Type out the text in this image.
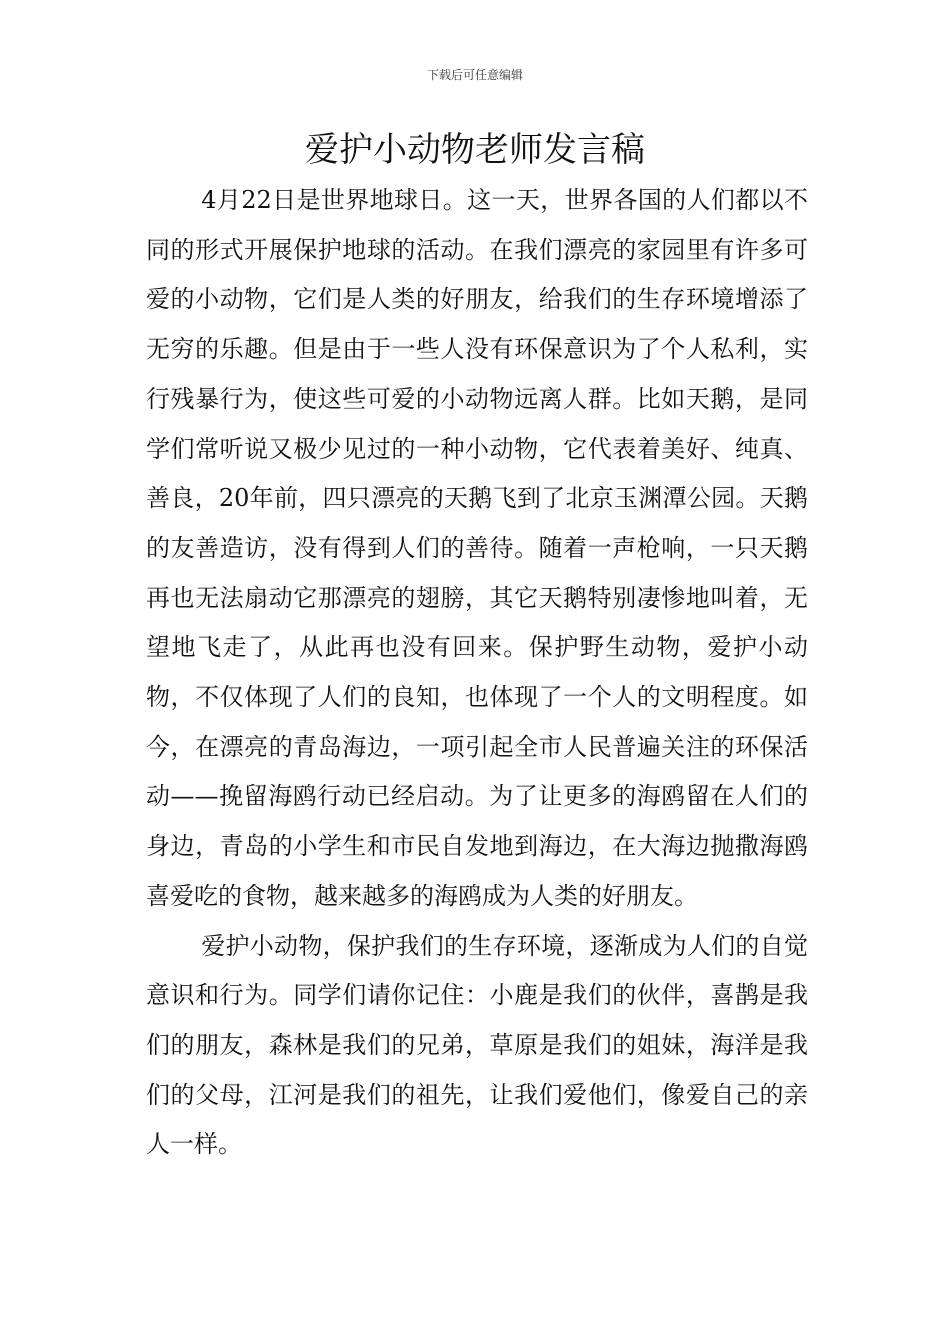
下载后可任意编辑
爱护小动物老师发言稿

4月22日是世界地球日。这一天，世界各国的人们都以不同的形式开展保护地球的活动。在我们漂亮的家园里有许多可爱的小动物，它们是人类的好朋友，给我们的生存环境增添了无穷的乐趣。但是由于一些人没有环保意识为了个人私利，实行残暴行为，使这些可爱的小动物远离人群。比如天鹅，是同学们常听说又极少见过的一种小动物，它代表着美好、纯真、善良，20年前，四只漂亮的天鹅飞到了北京玉渊潭公园。天鹅的友善造访，没有得到人们的善待。随着一声枪响，一只天鹅再也无法扇动它那漂亮的翅膀，其它天鹅特别凄惨地叫着，无望地飞走了，从此再也没有回来。保护野生动物，爱护小动物，不仅体现了人们的良知，也体现了一个人的文明程度。如今，在漂亮的青岛海边，一项引起全市人民普遍关注的环保活动——挽留海鸥行动已经启动。为了让更多的海鸥留在人们的身边，青岛的小学生和市民自发地到海边，在大海边抛撒海鸥喜爱吃的食物，越来越多的海鸥成为人类的好朋友。

爱护小动物，保护我们的生存环境，逐渐成为人们的自觉意识和行为。同学们请你记住：小鹿是我们的伙伴，喜鹊是我们的朋友，森林是我们的兄弟，草原是我们的姐妹，海洋是我们的父母，江河是我们的祖先，让我们爱他们，像爱自己的亲人一样。
